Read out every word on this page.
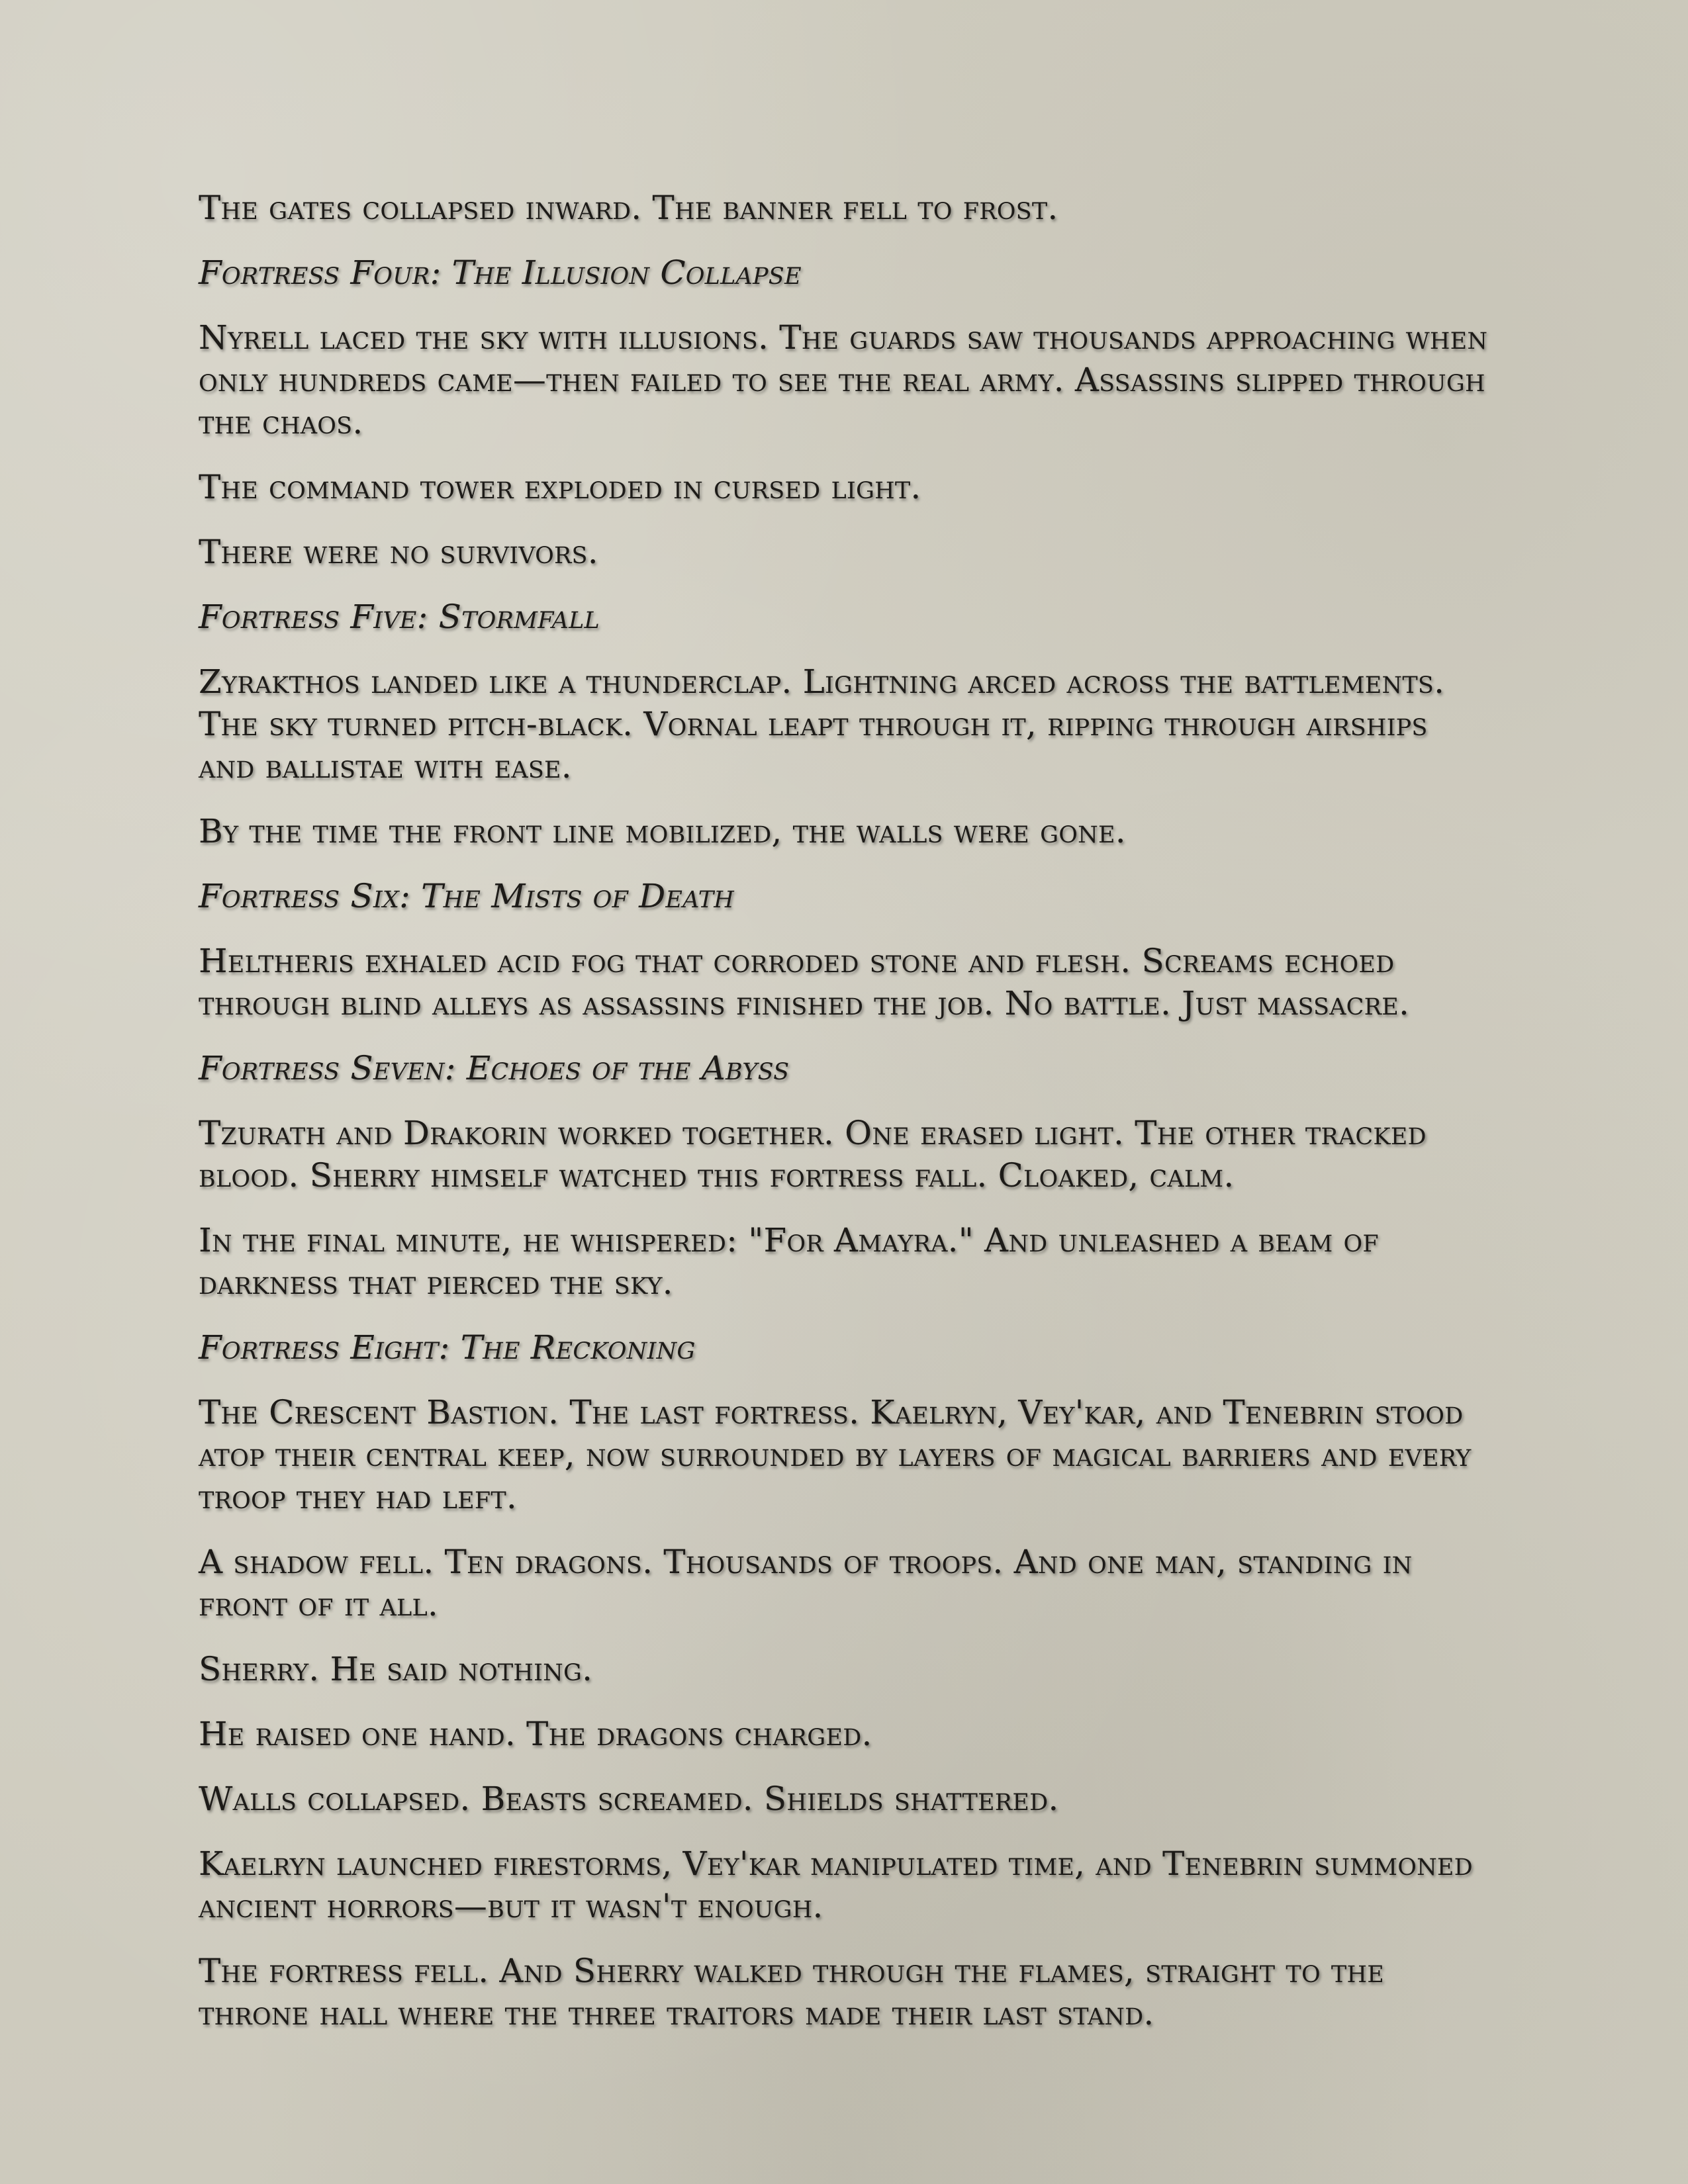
The gates collapsed inward. The banner fell to frost.

Fortress Four: The Illusion Collapse

Nyrell laced the sky with illusions. The guards saw thousands approaching when only hundreds came—then failed to see the real army. Assassins slipped through the chaos.

The command tower exploded in cursed light.

There were no survivors.

Fortress Five: Stormfall

Zyrakthos landed like a thunderclap. Lightning arced across the battlements. The sky turned pitch-black. Vornal leapt through it, ripping through airships and ballistae with ease.

By the time the front line mobilized, the walls were gone.

Fortress Six: The Mists of Death

Heltheris exhaled acid fog that corroded stone and flesh. Screams echoed through blind alleys as assassins finished the job. No battle. Just massacre.

Fortress Seven: Echoes of the Abyss

Tzurath and Drakorin worked together. One erased light. The other tracked blood. Sherry himself watched this fortress fall. Cloaked, calm.

In the final minute, he whispered: "For Amayra." And unleashed a beam of darkness that pierced the sky.

Fortress Eight: The Reckoning

The Crescent Bastion. The last fortress. Kaelryn, Vey'kar, and Tenebrin stood atop their central keep, now surrounded by layers of magical barriers and every troop they had left.

A shadow fell. Ten dragons. Thousands of troops. And one man, standing in front of it all.

Sherry. He said nothing.

He raised one hand. The dragons charged.

Walls collapsed. Beasts screamed. Shields shattered.

Kaelryn launched firestorms, Vey'kar manipulated time, and Tenebrin summoned ancient horrors—but it wasn't enough.

The fortress fell. And Sherry walked through the flames, straight to the throne hall where the three traitors made their last stand.
